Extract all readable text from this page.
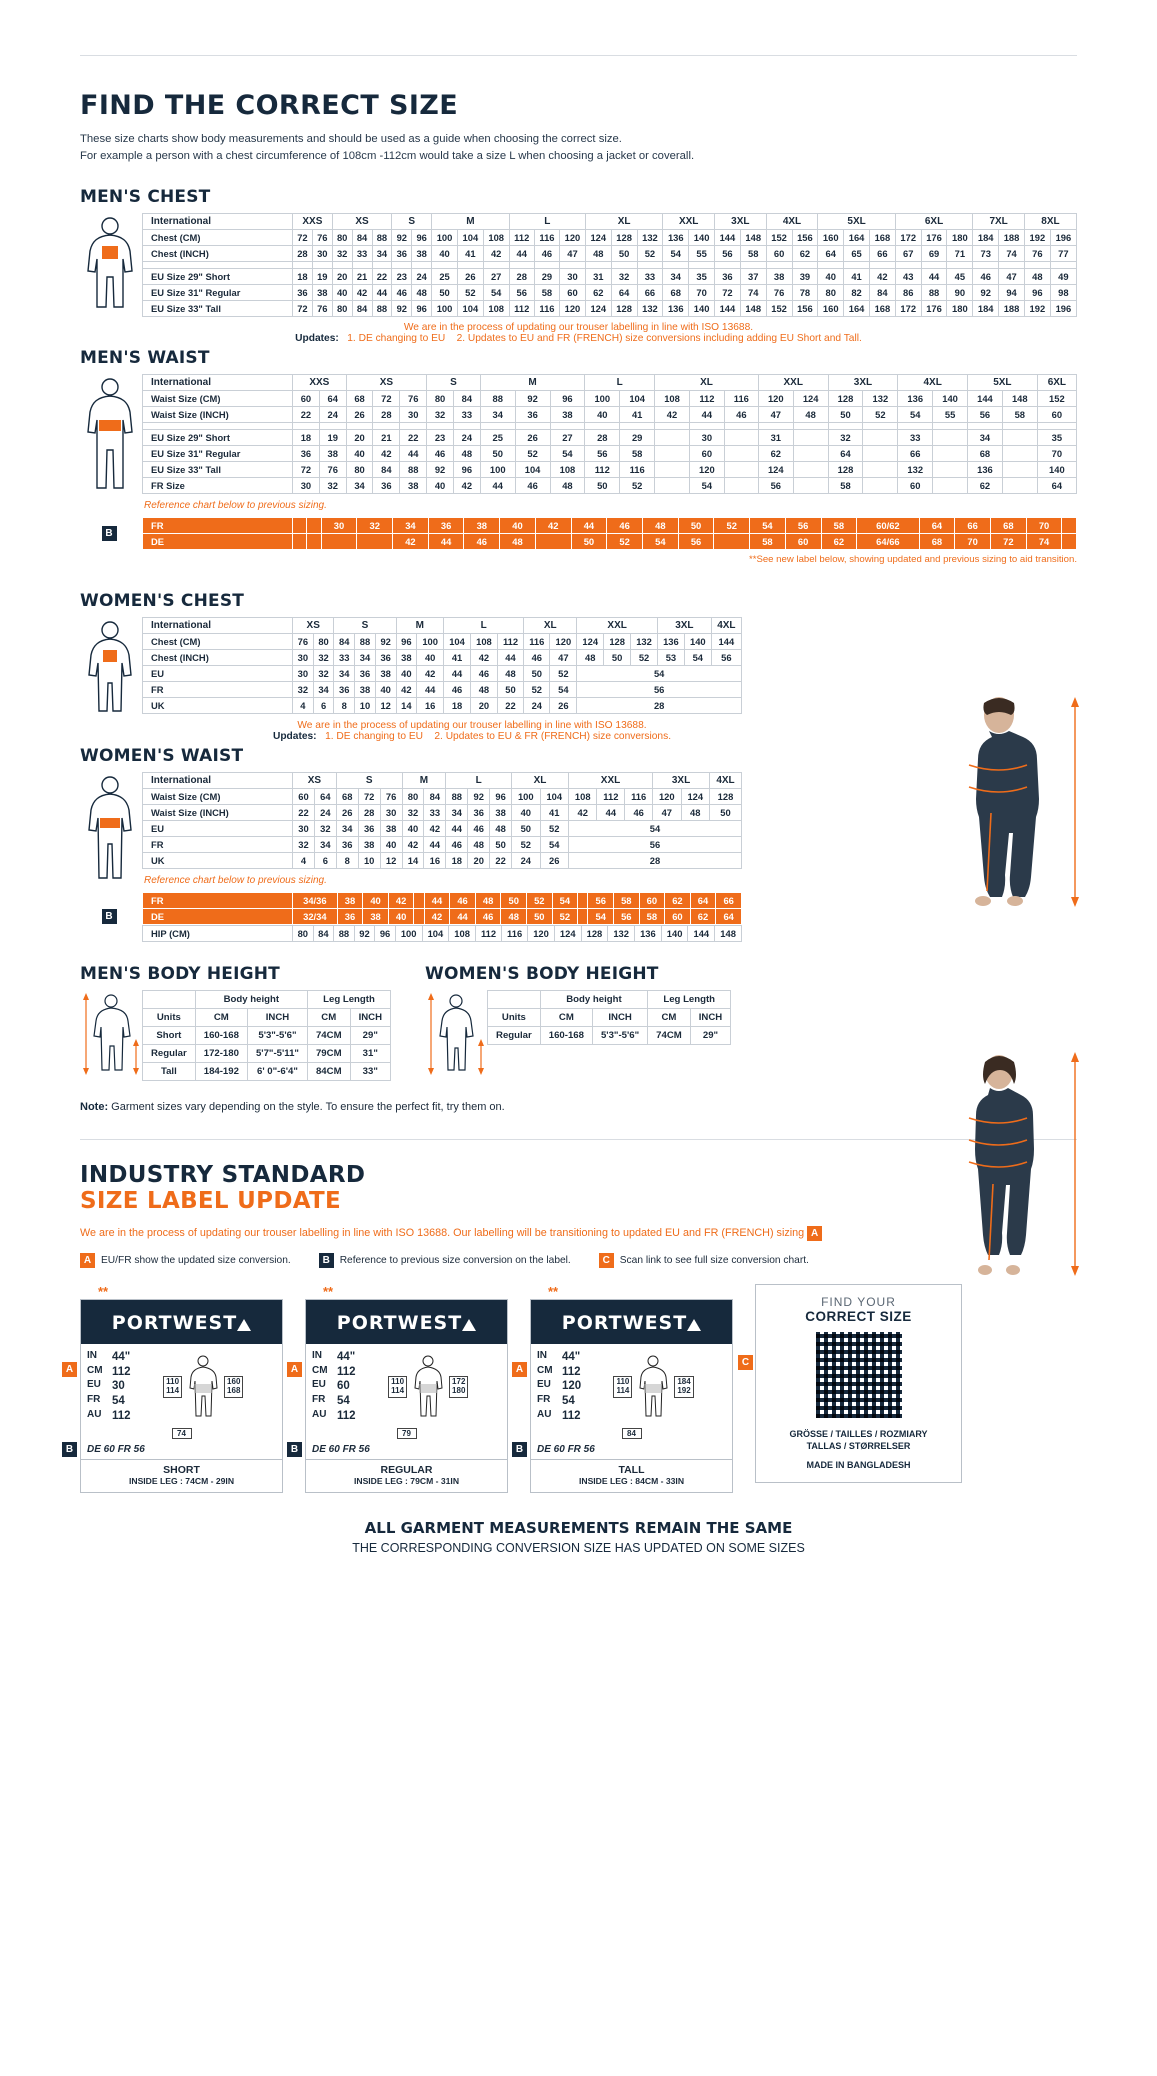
FIND THE CORRECT SIZE
These size charts show body measurements and should be used as a guide when choosing the correct size.
For example a person with a chest circumference of 108cm -112cm would take a size L when choosing a jacket or coverall.
MEN'S CHEST
International	XXS		XS			S		M			L			XL			XXL		3XL		4XL		5XL			6XL			7XL		8XL	
Chest (CM)	72	76	80	84	88	92	96	100	104	108	112	116	120	124	128	132	136	140	144	148	152	156	160	164	168	172	176	180	184	188	192	196
Chest (INCH)	28	30	32	33	34	36	38	40	41	42	44	46	47	48	50	52	54	55	56	58	60	62	64	65	66	67	69	71	73	74	76	77

EU Size 29" Short	18	19	20	21	22	23	24	25	26	27	28	29	30	31	32	33	34	35	36	37	38	39	40	41	42	43	44	45	46	47	48	49
EU Size 31" Regular	36	38	40	42	44	46	48	50	52	54	56	58	60	62	64	66	68	70	72	74	76	78	80	82	84	86	88	90	92	94	96	98
EU Size 33" Tall	72	76	80	84	88	92	96	100	104	108	112	116	120	124	128	132	136	140	144	148	152	156	160	164	168	172	176	180	184	188	192	196
We are in the process of updating our trouser labelling in line with ISO 13688.
Updates: 1. DE changing to EU 2. Updates to EU and FR (FRENCH) size conversions including adding EU Short and Tall.
MEN'S WAIST
International	XXS		XS			S		M			L		XL			XXL		3XL		4XL		5XL		6XL
Waist Size (CM)	60	64	68	72	76	80	84	88	92	96	100	104	108	112	116	120	124	128	132	136	140	144	148	152
Waist Size (INCH)	22	24	26	28	30	32	33	34	36	38	40	41	42	44	46	47	48	50	52	54	55	56	58	60

EU Size 29" Short	18	19	20	21	22	23	24	25	26	27	28	29		30		31		32		33		34		35
EU Size 31" Regular	36	38	40	42	44	46	48	50	52	54	56	58		60		62		64		66		68		70
EU Size 33" Tall	72	76	80	84	88	92	96	100	104	108	112	116		120		124		128		132		136		140
FR Size	30	32	34	36	38	40	42	44	46	48	50	52		54		56		58		60		62		64
Reference chart below to previous sizing.
B
FR			30	32	34	36	38	40	42	44	46	48	50	52	54	56	58	60/62	64	66	68	70	
DE					42	44	46	48		50	52	54	56		58	60	62	64/66	68	70	72	74	
**See new label below, showing updated and previous sizing to aid transition.
WOMEN'S CHEST
International	XS		S			M		L			XL		XXL			3XL		4XL
Chest (CM)	76	80	84	88	92	96	100	104	108	112	116	120	124	128	132	136	140	144
Chest (INCH)	30	32	33	34	36	38	40	41	42	44	46	47	48	50	52	53	54	56
EU	30	32	34	36	38	40	42	44	46	48	50	52	54					
FR	32	34	36	38	40	42	44	46	48	50	52	54	56					
UK	4	6	8	10	12	14	16	18	20	22	24	26	28					
We are in the process of updating our trouser labelling in line with ISO 13688.
Updates: 1. DE changing to EU 2. Updates to EU & FR (FRENCH) size conversions.
WOMEN'S WAIST
International	XS		S			M		L			XL		XXL			3XL		4XL
Waist Size (CM)	60	64	68	72	76	80	84	88	92	96	100	104	108	112	116	120	124	128
Waist Size (INCH)	22	24	26	28	30	32	33	34	36	38	40	41	42	44	46	47	48	50
EU	30	32	34	36	38	40	42	44	46	48	50	52	54					
FR	32	34	36	38	40	42	44	46	48	50	52	54	56					
UK	4	6	8	10	12	14	16	18	20	22	24	26	28					
Reference chart below to previous sizing.
B
FR	34/36	38	40	42		44	46	48	50	52	54		56	58	60	62	64	66
DE	32/34	36	38	40		42	44	46	48	50	52		54	56	58	60	62	64
HIP (CM)	80	84	88	92	96	100	104	108	112	116	120	124	128	132	136	140	144	148
MEN'S BODY HEIGHT
	Body height		Leg Length	
Units	CM	INCH	CM	INCH
Short	160-168	5'3"-5'6"	74CM	29"
Regular	172-180	5'7"-5'11"	79CM	31"
Tall	184-192	6' 0"-6'4"	84CM	33"
WOMEN'S BODY HEIGHT
	Body height		Leg Length	
Units	CM	INCH	CM	INCH
Regular	160-168	5'3"-5'6"	74CM	29"
Note: Garment sizes vary depending on the style. To ensure the perfect fit, try them on.
INDUSTRY STANDARD
SIZE LABEL UPDATE
We are in the process of updating our trouser labelling in line with ISO 13688. Our labelling will be transitioning to updated EU and FR (FRENCH) sizing A
A EU/FR show the updated size conversion.	B Reference to previous size conversion on the label.	C Scan link to see full size conversion chart.
**
PORTWEST
IN	44"
CM 112
EU 30
FR	54
AU 112
110
114
160
168
74
DE 60 FR 56
SHORT
INSIDE LEG : 74CM - 29IN
A
B
**
PORTWEST
IN	44"
CM 112
EU 60
FR	54
AU 112
110
114
172
180
79
DE 60 FR 56
REGULAR
INSIDE LEG : 79CM - 31IN
A
B
**
PORTWEST
IN	44"
CM 112
EU 120
FR	54
AU 112
110
114
184
192
84
DE 60 FR 56
TALL
INSIDE LEG : 84CM - 33IN
A
B
C
FIND YOUR
CORRECT SIZE
GRÖSSE / TAILLES / ROZMIARY
TALLAS / STØRRELSER
MADE IN BANGLADESH
ALL GARMENT MEASUREMENTS REMAIN THE SAME
THE CORRESPONDING CONVERSION SIZE HAS UPDATED ON SOME SIZES
